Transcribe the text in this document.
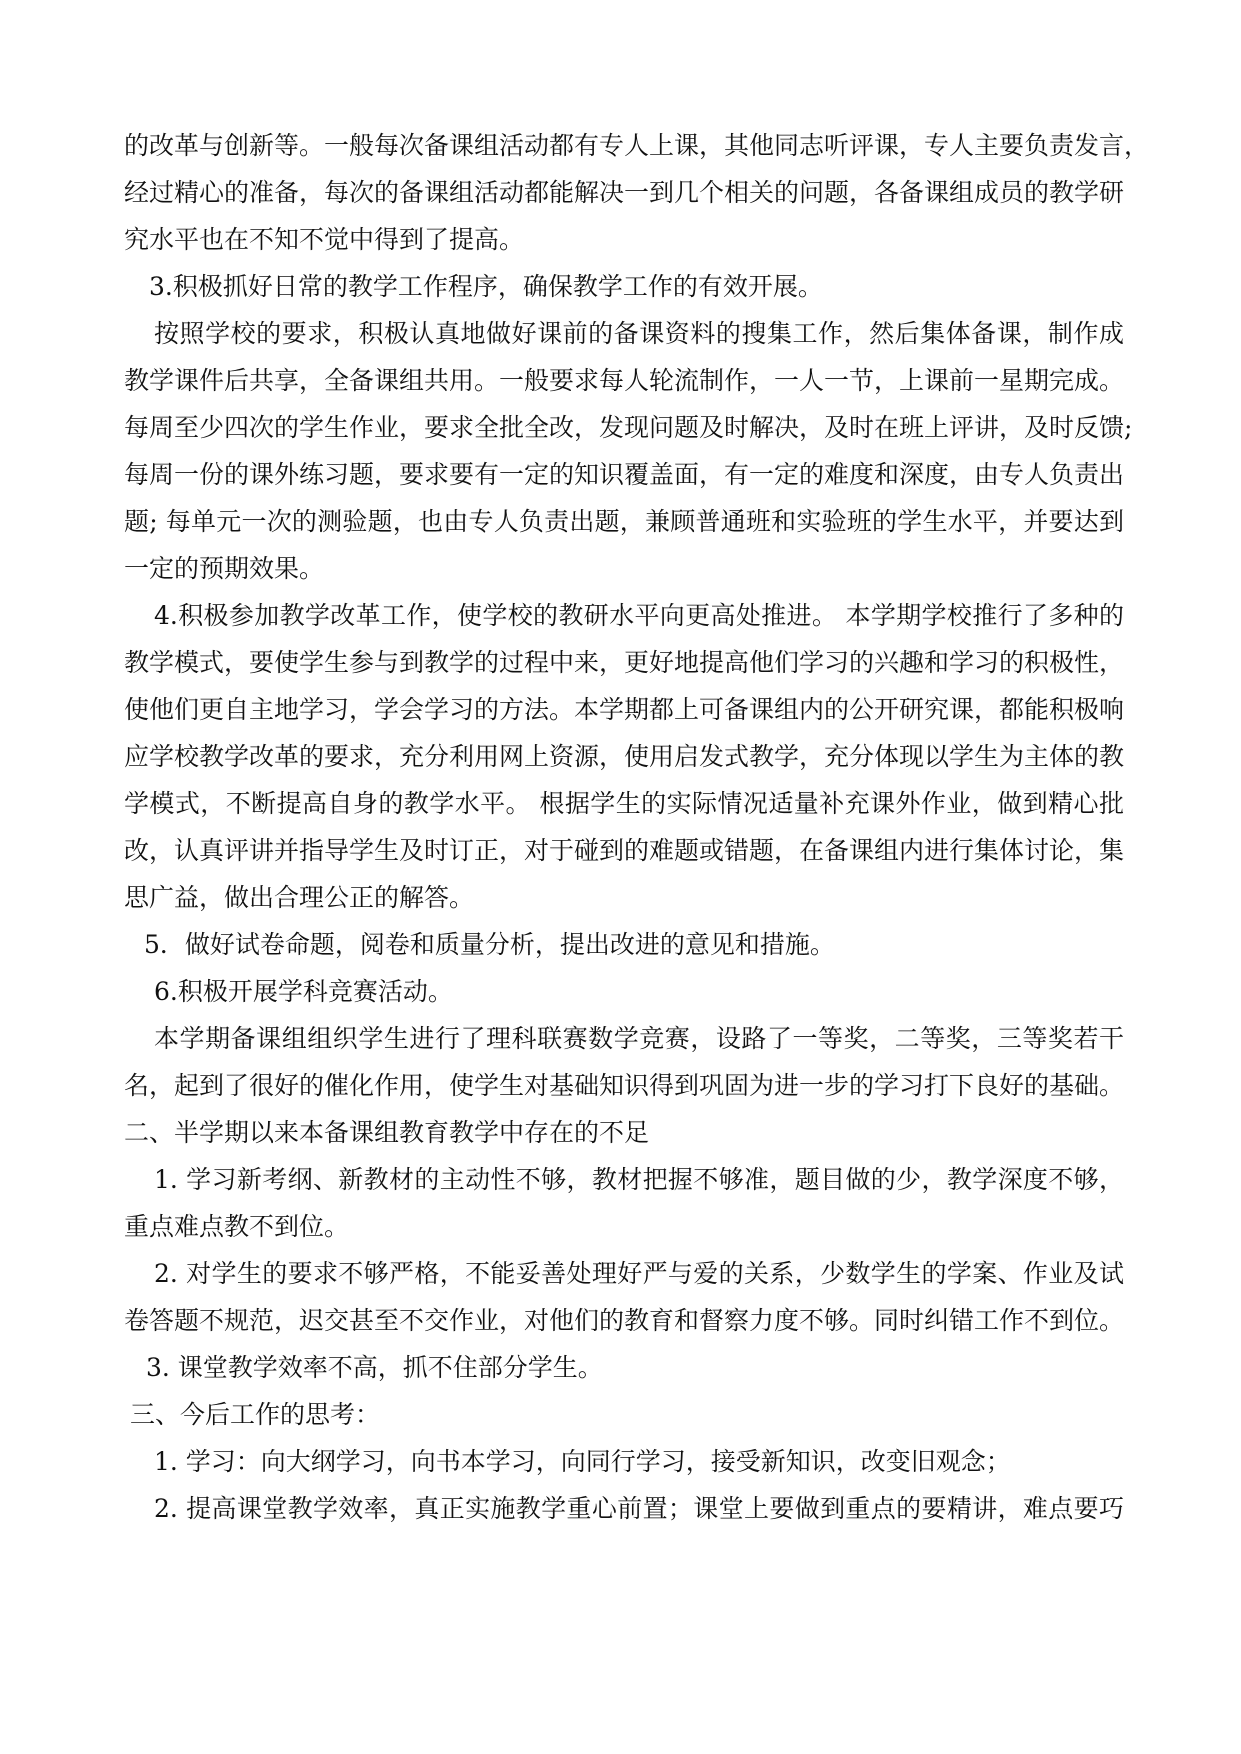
的改革与创新等。一般每次备课组活动都有专人上课，其他同志听评课，专人主要负责发言，
经过精心的准备，每次的备课组活动都能解决一到几个相关的问题，各备课组成员的教学研
究水平也在不知不觉中得到了提高。
3.积极抓好日常的教学工作程序，确保教学工作的有效开展。
按照学校的要求，积极认真地做好课前的备课资料的搜集工作，然后集体备课，制作成
教学课件后共享，全备课组共用。一般要求每人轮流制作，一人一节，上课前一星期完成。
每周至少四次的学生作业，要求全批全改，发现问题及时解决，及时在班上评讲，及时反馈;
每周一份的课外练习题，要求要有一定的知识覆盖面，有一定的难度和深度，由专人负责出
题; 每单元一次的测验题，也由专人负责出题，兼顾普通班和实验班的学生水平，并要达到
一定的预期效果。
4.积极参加教学改革工作，使学校的教研水平向更高处推进。 本学期学校推行了多种的
教学模式，要使学生参与到教学的过程中来，更好地提高他们学习的兴趣和学习的积极性，
使他们更自主地学习，学会学习的方法。本学期都上可备课组内的公开研究课，都能积极响
应学校教学改革的要求，充分利用网上资源，使用启发式教学，充分体现以学生为主体的教
学模式，不断提高自身的教学水平。 根据学生的实际情况适量补充课外作业，做到精心批
改，认真评讲并指导学生及时订正，对于碰到的难题或错题，在备课组内进行集体讨论，集
思广益，做出合理公正的解答。
5．做好试卷命题，阅卷和质量分析，提出改进的意见和措施。
6.积极开展学科竞赛活动。
本学期备课组组织学生进行了理科联赛数学竞赛，设路了一等奖，二等奖，三等奖若干
名，起到了很好的催化作用，使学生对基础知识得到巩固为进一步的学习打下良好的基础。
二、半学期以来本备课组教育教学中存在的不足
1. 学习新考纲、新教材的主动性不够，教材把握不够准，题目做的少，教学深度不够，
重点难点教不到位。
2. 对学生的要求不够严格，不能妥善处理好严与爱的关系，少数学生的学案、作业及试
卷答题不规范，迟交甚至不交作业，对他们的教育和督察力度不够。同时纠错工作不到位。
3. 课堂教学效率不高，抓不住部分学生。
三、今后工作的思考：
1. 学习：向大纲学习，向书本学习，向同行学习，接受新知识，改变旧观念；
2. 提高课堂教学效率，真正实施教学重心前置；课堂上要做到重点的要精讲，难点要巧
